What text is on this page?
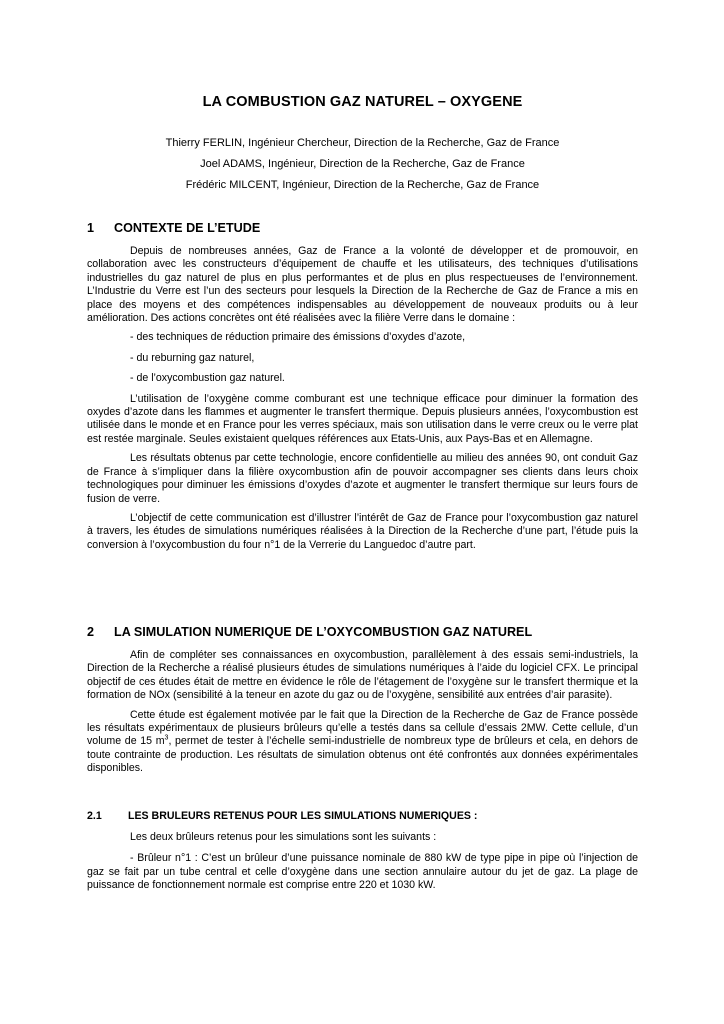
LA COMBUSTION GAZ NATUREL – OXYGENE
Thierry FERLIN, Ingénieur Chercheur, Direction de la Recherche, Gaz de France
Joel ADAMS, Ingénieur, Direction de la Recherche, Gaz de France
Frédéric MILCENT, Ingénieur, Direction de la Recherche, Gaz de France
1	CONTEXTE DE L’ETUDE

Depuis de nombreuses années, Gaz de France a la volonté de développer et de promouvoir, en collaboration avec les constructeurs d’équipement de chauffe et les utilisateurs, des techniques d’utilisations industrielles du gaz naturel de plus en plus performantes et de plus en plus respectueuses de l’environnement. L’Industrie du Verre est l’un des secteurs pour lesquels la Direction de la Recherche de Gaz de France a mis en place des moyens et des compétences indispensables au développement de nouveaux produits ou à leur amélioration. Des actions concrètes ont été réalisées avec la filière Verre dans le domaine :

- des techniques de réduction primaire des émissions d’oxydes d’azote,

- du reburning gaz naturel,

- de l’oxycombustion gaz naturel.

L’utilisation de l’oxygène comme comburant est une technique efficace pour diminuer la formation des oxydes d’azote dans les flammes et augmenter le transfert thermique. Depuis plusieurs années, l’oxycombustion est utilisée dans le monde et en France pour les verres spéciaux, mais son utilisation dans le verre creux ou le verre plat est restée marginale. Seules existaient quelques références aux Etats-Unis, aux Pays-Bas et en Allemagne.

Les résultats obtenus par cette technologie, encore confidentielle au milieu des années 90, ont conduit Gaz de France à s’impliquer dans la filière oxycombustion afin de pouvoir accompagner ses clients dans leurs choix technologiques pour diminuer les émissions d’oxydes d’azote et augmenter le transfert thermique sur leurs fours de fusion de verre.

L’objectif de cette communication est d’illustrer l’intérêt de Gaz de France pour l’oxycombustion gaz naturel à travers, les études de simulations numériques réalisées à la Direction de la Recherche d’une part, l’étude puis la conversion à l’oxycombustion du four n°1 de la Verrerie du Languedoc d’autre part.

2	LA SIMULATION NUMERIQUE DE L’OXYCOMBUSTION GAZ NATUREL

Afin de compléter ses connaissances en oxycombustion, parallèlement à des essais semi-industriels, la Direction de la Recherche a réalisé plusieurs études de simulations numériques à l’aide du logiciel CFX. Le principal objectif de ces études était de mettre en évidence le rôle de l’étagement de l’oxygène sur le transfert thermique et la formation de NOx (sensibilité à la teneur en azote du gaz ou de l’oxygène, sensibilité aux entrées d’air parasite).

Cette étude est également motivée par le fait que la Direction de la Recherche de Gaz de France possède les résultats expérimentaux de plusieurs brûleurs qu’elle a testés dans sa cellule d’essais 2MW. Cette cellule, d’un volume de 15 $m^3$, permet de tester à l’échelle semi-industrielle de nombreux type de brûleurs et cela, en dehors de toute contrainte de production. Les résultats de simulation obtenus ont été confrontés aux données expérimentales disponibles.

2.1	LES BRULEURS RETENUS POUR LES SIMULATIONS NUMERIQUES :

Les deux brûleurs retenus pour les simulations sont les suivants :

- Brûleur n°1 : C’est un brûleur d’une puissance nominale de 880 kW de type pipe in pipe où l’injection de gaz se fait par un tube central et celle d’oxygène dans une section annulaire autour du jet de gaz. La plage de puissance de fonctionnement normale est comprise entre 220 et 1030 kW.
